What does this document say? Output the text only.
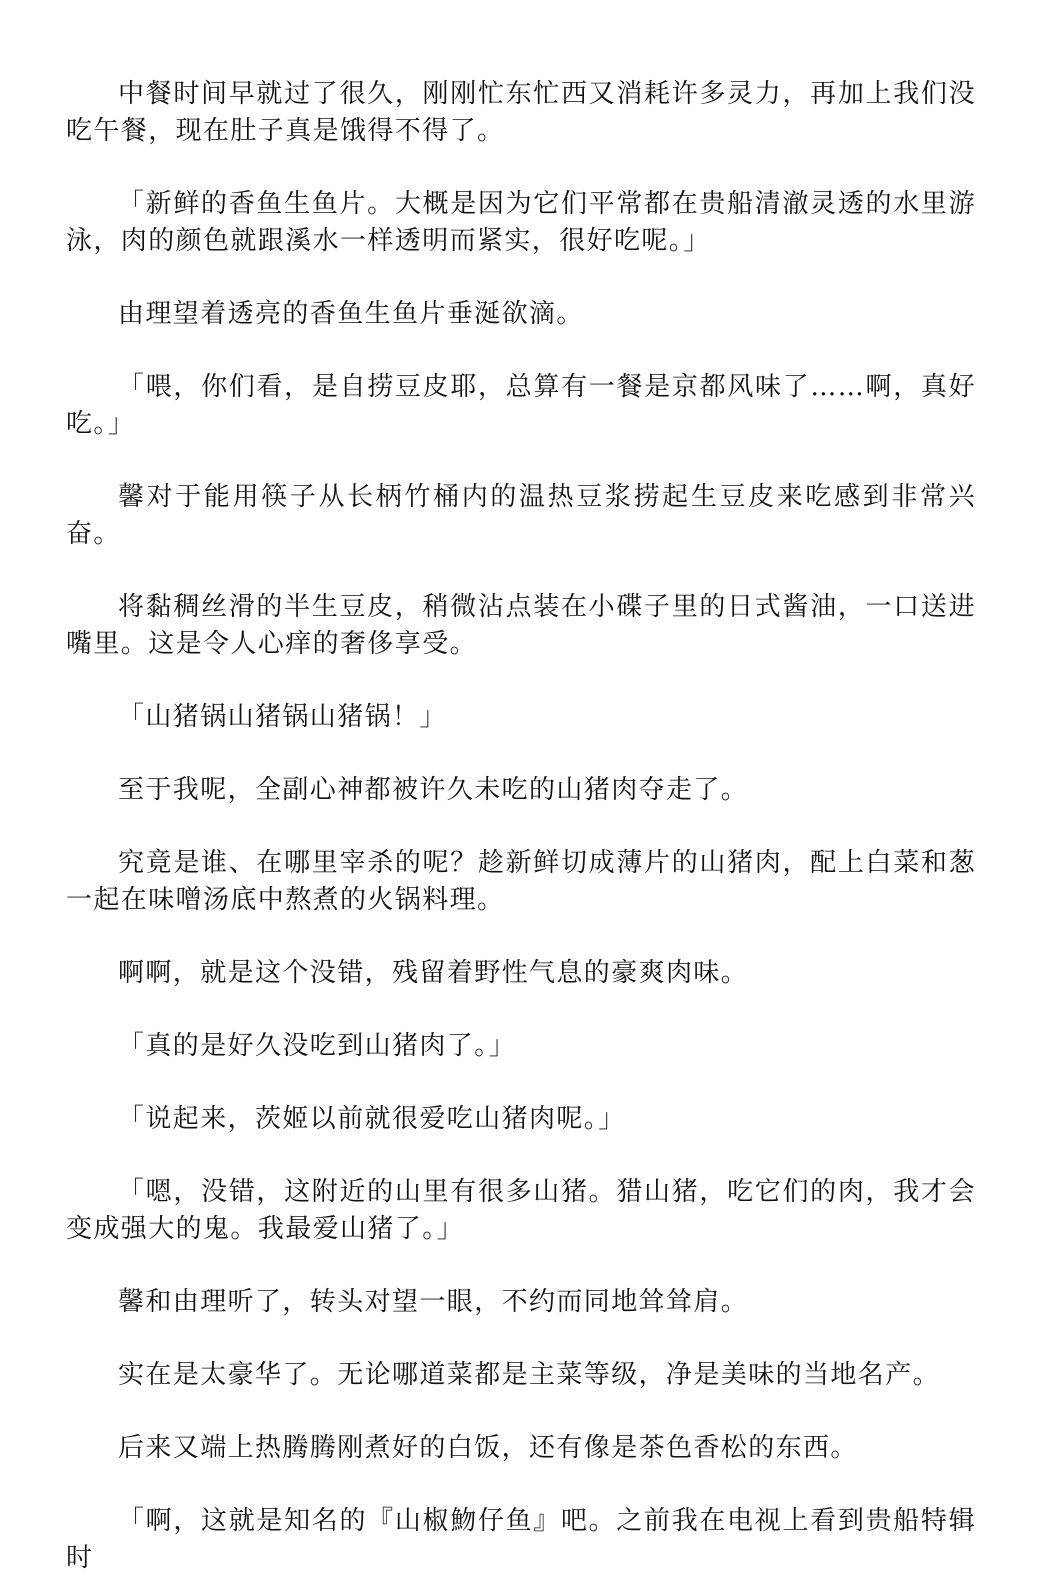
中餐时间早就过了很久，刚刚忙东忙西又消耗许多灵力，再加上我们没吃午餐，现在肚子真是饿得不得了。

「新鲜的香鱼生鱼片。大概是因为它们平常都在贵船清澈灵透的水里游泳，肉的颜色就跟溪水一样透明而紧实，很好吃呢。」

由理望着透亮的香鱼生鱼片垂涎欲滴。

「喂，你们看，是自捞豆皮耶，总算有一餐是京都风味了……啊，真好吃。」

馨对于能用筷子从长柄竹桶内的温热豆浆捞起生豆皮来吃感到非常兴奋。

将黏稠丝滑的半生豆皮，稍微沾点装在小碟子里的日式酱油，一口送进嘴里。这是令人心痒的奢侈享受。

「山猪锅山猪锅山猪锅！」

至于我呢，全副心神都被许久未吃的山猪肉夺走了。

究竟是谁、在哪里宰杀的呢？趁新鲜切成薄片的山猪肉，配上白菜和葱一起在味噌汤底中熬煮的火锅料理。

啊啊，就是这个没错，残留着野性气息的豪爽肉味。

「真的是好久没吃到山猪肉了。」

「说起来，茨姬以前就很爱吃山猪肉呢。」

「嗯，没错，这附近的山里有很多山猪。猎山猪，吃它们的肉，我才会变成强大的鬼。我最爱山猪了。」

馨和由理听了，转头对望一眼，不约而同地耸耸肩。

实在是太豪华了。无论哪道菜都是主菜等级，净是美味的当地名产。

后来又端上热腾腾刚煮好的白饭，还有像是茶色香松的东西。

「啊，这就是知名的『山椒魩仔鱼』吧。之前我在电视上看到贵船特辑时
